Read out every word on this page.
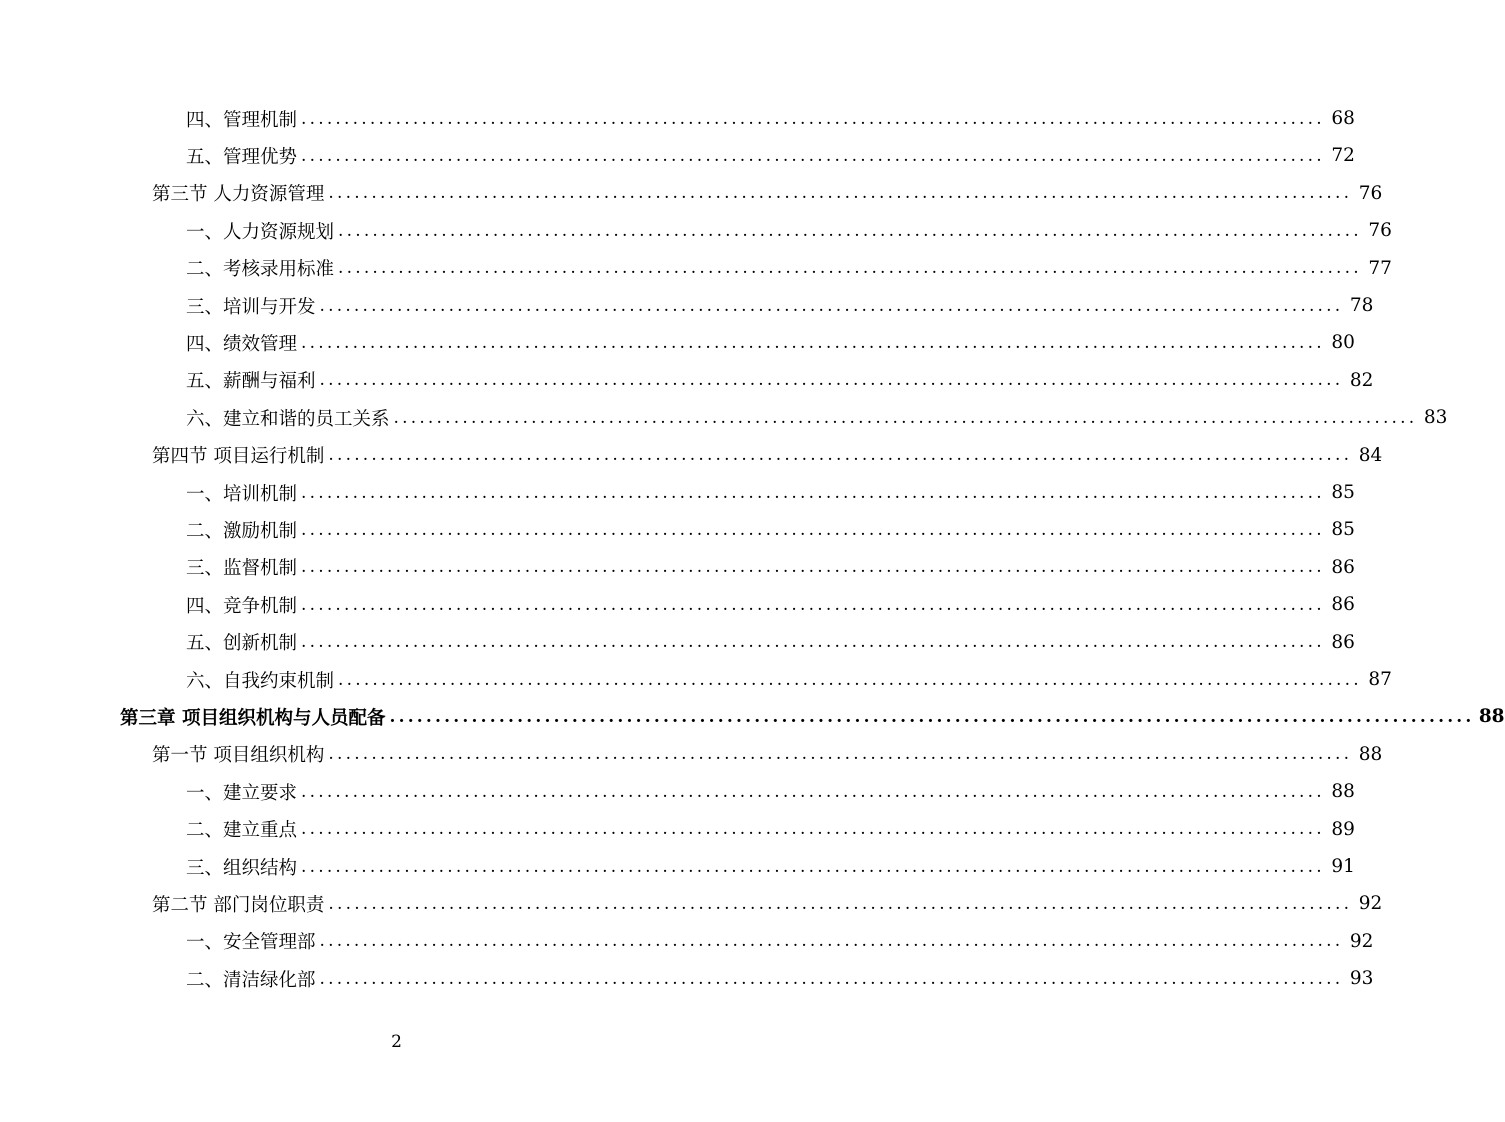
四、管理机制 ....................................................................................................................... 68
五、管理优势 ....................................................................................................................... 72
第三节 人力资源管理 ....................................................................................................................... 76
一、人力资源规划 ....................................................................................................................... 76
二、考核录用标准 ....................................................................................................................... 77
三、培训与开发 ....................................................................................................................... 78
四、绩效管理 ....................................................................................................................... 80
五、薪酬与福利 ....................................................................................................................... 82
六、建立和谐的员工关系 ....................................................................................................................... 83
第四节 项目运行机制 ....................................................................................................................... 84
一、培训机制 ....................................................................................................................... 85
二、激励机制 ....................................................................................................................... 85
三、监督机制 ....................................................................................................................... 86
四、竞争机制 ....................................................................................................................... 86
五、创新机制 ....................................................................................................................... 86
六、自我约束机制 ....................................................................................................................... 87
第三章 项目组织机构与人员配备 ....................................................................................................................... 88
第一节 项目组织机构 ....................................................................................................................... 88
一、建立要求 ....................................................................................................................... 88
二、建立重点 ....................................................................................................................... 89
三、组织结构 ....................................................................................................................... 91
第二节 部门岗位职责 ....................................................................................................................... 92
一、安全管理部 ....................................................................................................................... 92
二、清洁绿化部 ....................................................................................................................... 93
2
